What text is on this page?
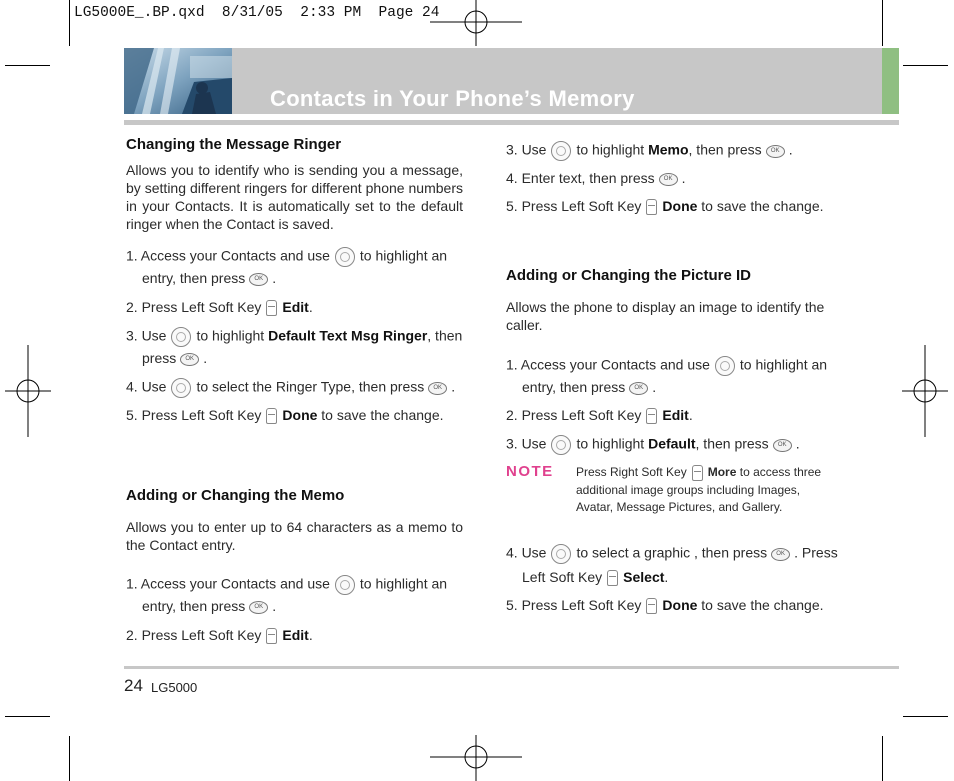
LG5000E_.BP.qxd  8/31/05  2:33 PM  Page 24
Contacts in Your Phone’s Memory
Changing the Message Ringer
Allows you to identify who is sending you a message, by setting different ringers for different phone numbers in your Contacts. It is automatically set to the default ringer when the Contact is saved.
1. Access your Contacts and use to highlight an
entry, then press OK .
2. Press Left Soft Key Edit.
3. Use to highlight Default Text Msg Ringer, then
press OK .
4. Use to select the Ringer Type, then press OK .
5. Press Left Soft Key Done to save the change.
Adding or Changing the Memo
Allows you to enter up to 64 characters as a memo to the Contact entry.
1. Access your Contacts and use to highlight an
entry, then press OK .
2. Press Left Soft Key Edit.
3. Use to highlight Memo, then press OK .
4. Enter text, then press OK .
5. Press Left Soft Key Done to save the change.
Adding or Changing the Picture ID
Allows the phone to display an image to identify the caller.
1. Access your Contacts and use to highlight an
entry, then press OK .
2. Press Left Soft Key Edit.
3. Use to highlight Default, then press OK .
NOTE Press Right Soft Key More to access three additional image groups including Images, Avatar, Message Pictures, and Gallery.
4. Use to select a graphic , then press OK . Press
Left Soft Key Select.
5. Press Left Soft Key Done to save the change.
24 LG5000
